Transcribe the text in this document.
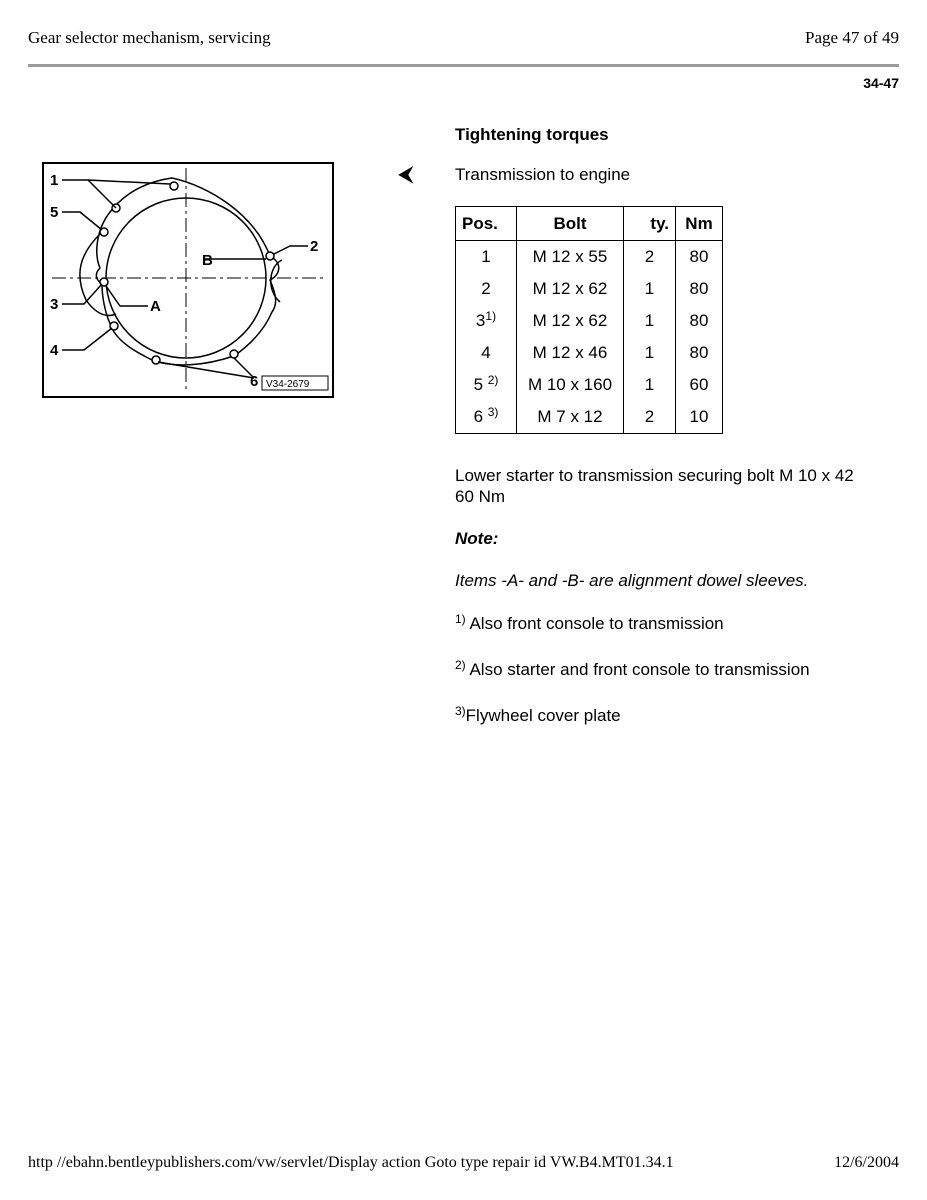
Gear selector mechanism, servicing	Page 47 of 49
34-47
1
5
3
4
2
6
A
B
V34-2679
⮜
Tightening torques
Transmission to engine
Pos.	Bolt	ty.	Nm
1	M 12 x 55	2	80
2	M 12 x 62	1	80
3$^{1)}$	M 12 x 62	1	80
4	M 12 x 46	1	80
5 $^{2)}$	M 10 x 160	1	60
6 $^{3)}$	M 7 x 12	2	10
Lower starter to transmission securing bolt M 10 x 42
60 Nm
Note:
Items -A- and -B- are alignment dowel sleeves.
$^{1)}$ Also front console to transmission
$^{2)}$ Also starter and front console to transmission
$^{3)}$Flywheel cover plate
http //ebahn.bentleypublishers.com/vw/servlet/Display action Goto type repair id VW.B4.MT01.34.1	12/6/2004
